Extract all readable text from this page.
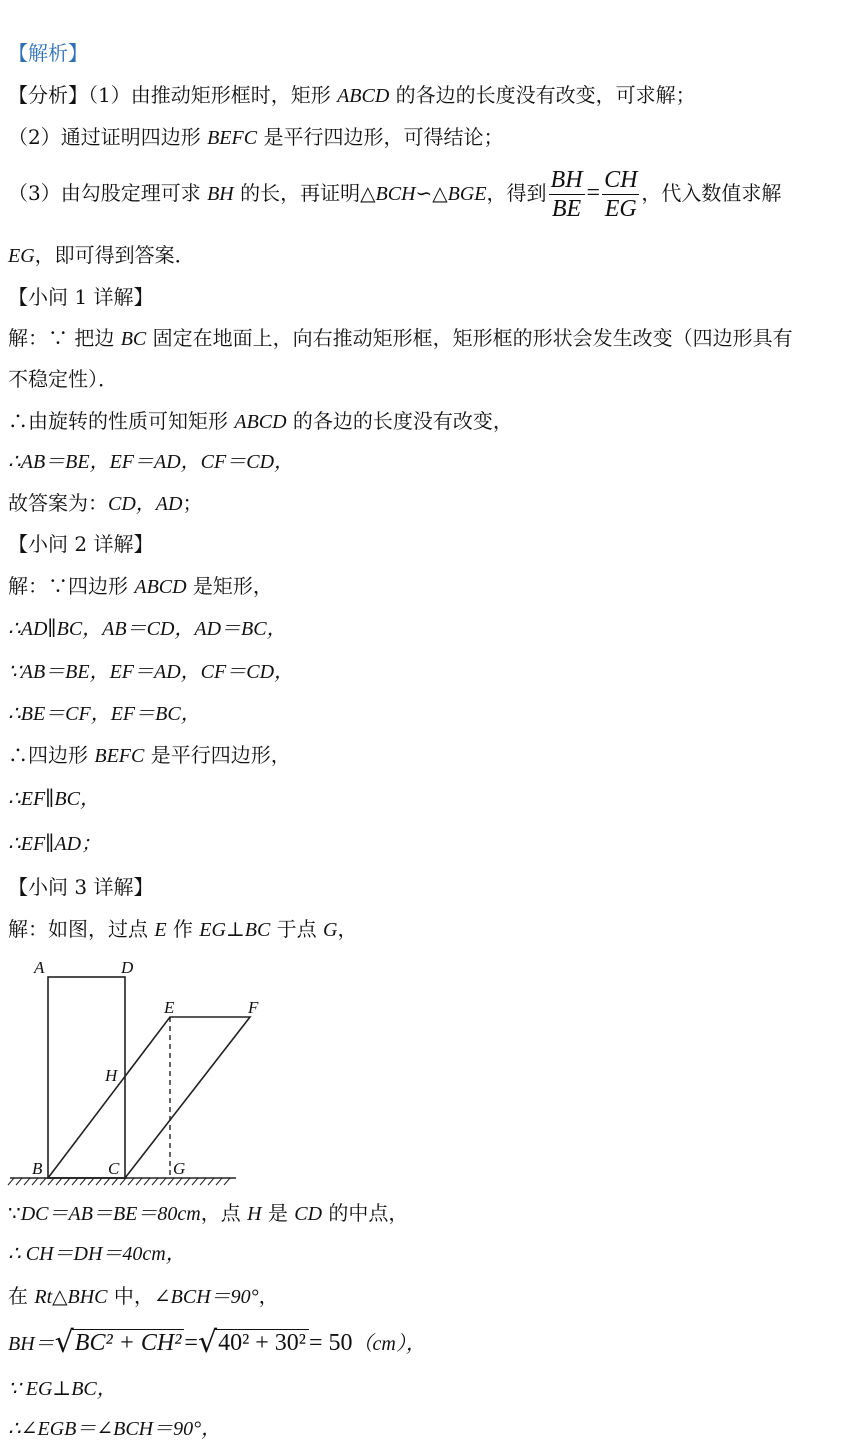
【解析】
【分析】（1）由推动矩形框时，矩形 ABCD 的各边的长度没有改变，可求解；
（2）通过证明四边形 BEFC 是平行四边形，可得结论；
（3）由勾股定理可求 BH 的长，再证明△BCH∽△BGE，得到 $\frac{BH}{BE} = \frac{CH}{EG}$ ，代入数值求解
EG，即可得到答案．
【小问 1 详解】
解：∵ 把边 BC 固定在地面上，向右推动矩形框，矩形框的形状会发生改变（四边形具有
不稳定性）．
∴由旋转的性质可知矩形 ABCD 的各边的长度没有改变，
∴AB＝BE，EF＝AD，CF＝CD，
故答案为：CD，AD；
【小问 2 详解】
解：∵四边形 ABCD 是矩形，
∴AD∥BC，AB＝CD，AD＝BC，
∵AB＝BE，EF＝AD，CF＝CD，
∴BE＝CF，EF＝BC，
∴四边形 BEFC 是平行四边形，
∴EF∥BC，
∴EF∥AD；
【小问 3 详解】
解：如图，过点 E 作 EG⊥BC 于点 G，
A	D
E	F
H
B	C	G
∵DC＝AB＝BE＝80cm，点 H 是 CD 的中点，
∴ CH＝DH＝40cm，
在 Rt△BHC 中，∠BCH＝90°，
BH＝√BC² + CH² =√40² + 30² = 50（cm），
∵ EG⊥BC，
∴∠EGB＝∠BCH＝90°，
